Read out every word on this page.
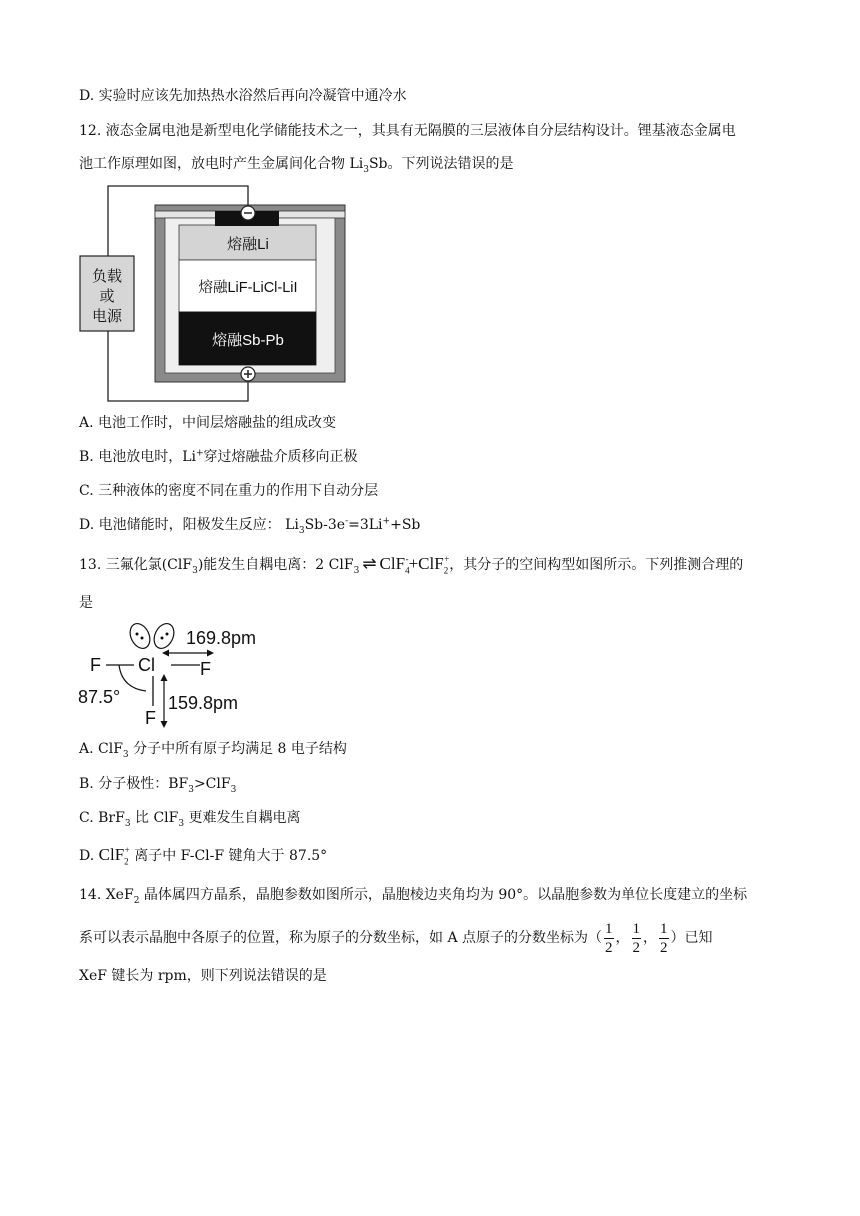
D. 实验时应该先加热热水浴然后再向冷凝管中通冷水
12. 液态金属电池是新型电化学储能技术之一，其具有无隔膜的三层液体自分层结构设计。锂基液态金属电
池工作原理如图，放电时产生金属间化合物 $Li_3Sb$。下列说法错误的是
负载
或
电源
熔融Li
熔融LiF-LiCl-LiI
熔融Sb-Pb
A. 电池工作时，中间层熔融盐的组成改变
B. 电池放电时，Li+穿过熔融盐介质移向正极
C. 三种液体的密度不同在重力的作用下自动分层
D. 电池储能时，阳极发生反应： $Li_3Sb-3e^-=3Li^++Sb$
13. 三氟化氯(ClF$_3$)能发生自耦电离：2 ClF$_3$ ⇌ ClF$_4$-+ClF$_2$+，其分子的空间构型如图所示。下列推测合理的
是
F Cl	F
F
169.8pm
159.8pm
87.5°
A. ClF$_3$ 分子中所有原子均满足 8 电子结构
B. 分子极性：$BF_3>ClF_3$
C. BrF$_3$ 比 ClF$_3$ 更难发生自耦电离
D. ClF$_2$+ 离子中 F-Cl-F 键角大于 87.5°
14. XeF$_2$ 晶体属四方晶系，晶胞参数如图所示，晶胞棱边夹角均为 90°。以晶胞参数为单位长度建立的坐标
系可以表示晶胞中各原子的位置，称为原子的分数坐标，如 A 点原子的分数坐标为（ $\frac{1}{2}$ ， $\frac{1}{2}$ ， $\frac{1}{2}$ ）已知
XeF 键长为 rpm，则下列说法错误的是
